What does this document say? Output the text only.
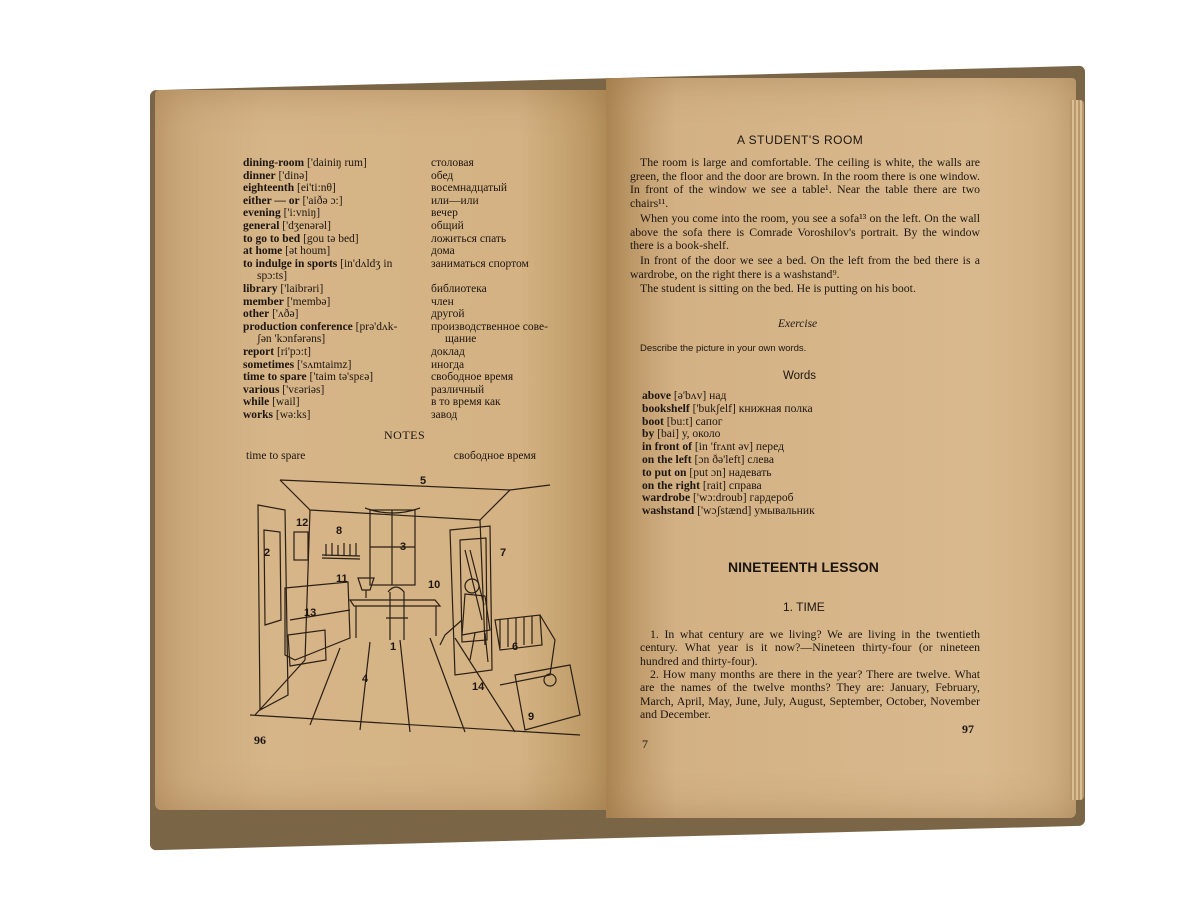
dining-room ['dainiŋ rum]	столовая
dinner ['dinə]	обед
eighteenth [ei'ti:nθ]	восемнадцатый
either — or ['aiðə ɔ:]	или—или
evening ['i:vniŋ]	вечер
general ['dʒenərəl]	общий
to go to bed [gou tə bed]	ложиться спать
at home [ət houm]	дома
to indulge in sports [in'dʌldʒ in	заниматься спортом
spɔ:ts]
library ['laibrəri]	библиотека
member ['membə]	член
other ['ʌðə]	другой
production conference [prə'dʌk-	производственное сове-
ʃən 'kɔnfərəns]	щание
report [ri'pɔ:t]	доклад
sometimes ['sʌmtaimz]	иногда
time to spare ['taim tə'spɛə]	свободное время
various ['vɛəriəs]	различный
while [wail]	в то время как
works [wə:ks]	завод
NOTES
time to spare	свободное время
5
12
8
2	3	7
11	10
13
1	6
4
14
9
96
A STUDENT'S ROOM
The room is large and comfortable. The ceiling is white, the walls are green, the floor and the door are brown. In the room there is one window. In front of the window we see a table¹. Near the table there are two chairs¹¹.
When you come into the room, you see a sofa¹³ on the left. On the wall above the sofa there is Comrade Voroshilov's portrait. By the window there is a book-shelf.
In front of the door we see a bed. On the left from the bed there is a wardrobe, on the right there is a washstand⁹.
The student is sitting on the bed. He is putting on his boot.
Exercise
Describe the picture in your own words.
Words
above [ə'bʌv] над
bookshelf ['bukʃelf] книжная полка
boot [bu:t] сапог
by [bai] у, около
in front of [in 'frʌnt əv] перед
on the left [ɔn ðə'left] слева
to put on [put ɔn] надевать
on the right [rait] справа
wardrobe ['wɔ:droub] гардероб
washstand ['wɔʃstænd] умывальник
NINETEENTH LESSON
1. TIME
1. In what century are we living? We are living in the twentieth century. What year is it now?—Nineteen thirty-four (or nineteen hundred and thirty-four).
2. How many months are there in the year? There are twelve. What are the names of the twelve months? They are: January, February, March, April, May, June, July, August, September, October, November and December.
7
97
